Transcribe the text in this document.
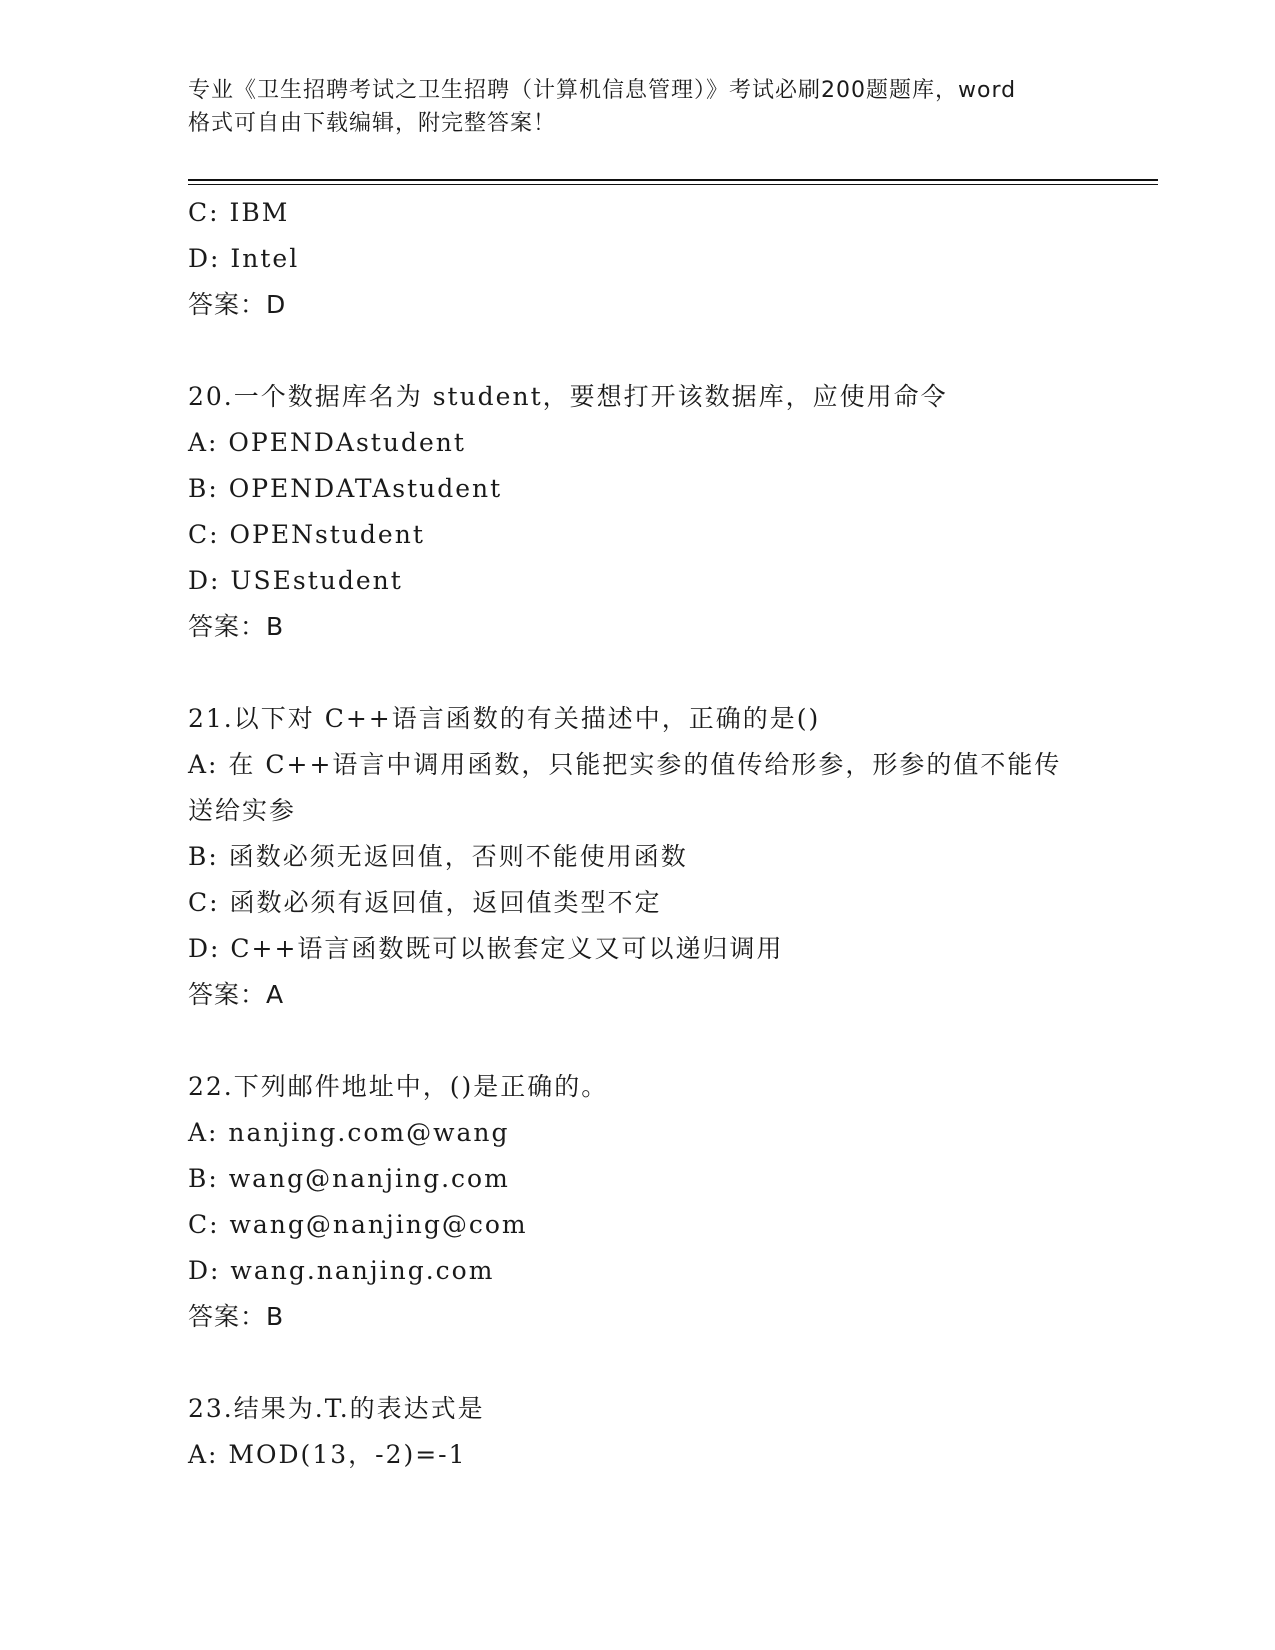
专业《卫生招聘考试之卫生招聘（计算机信息管理）》考试必刷200题题库，word

格式可自由下载编辑，附完整答案！

C: IBM
D: Intel
答案：D
20.一个数据库名为 student，要想打开该数据库，应使用命令
A: OPENDAstudent
B: OPENDATAstudent
C: OPENstudent
D: USEstudent
答案：B
21.以下对 C++语言函数的有关描述中，正确的是()
A: 在 C++语言中调用函数，只能把实参的值传给形参，形参的值不能传送给实参
B: 函数必须无返回值，否则不能使用函数
C: 函数必须有返回值，返回值类型不定
D: C++语言函数既可以嵌套定义又可以递归调用
答案：A
22.下列邮件地址中，()是正确的。
A: nanjing.com@wang
B: wang@nanjing.com
C: wang@nanjing@com
D: wang.nanjing.com
答案：B
23.结果为.T.的表达式是
A: MOD(13，-2)=-1
